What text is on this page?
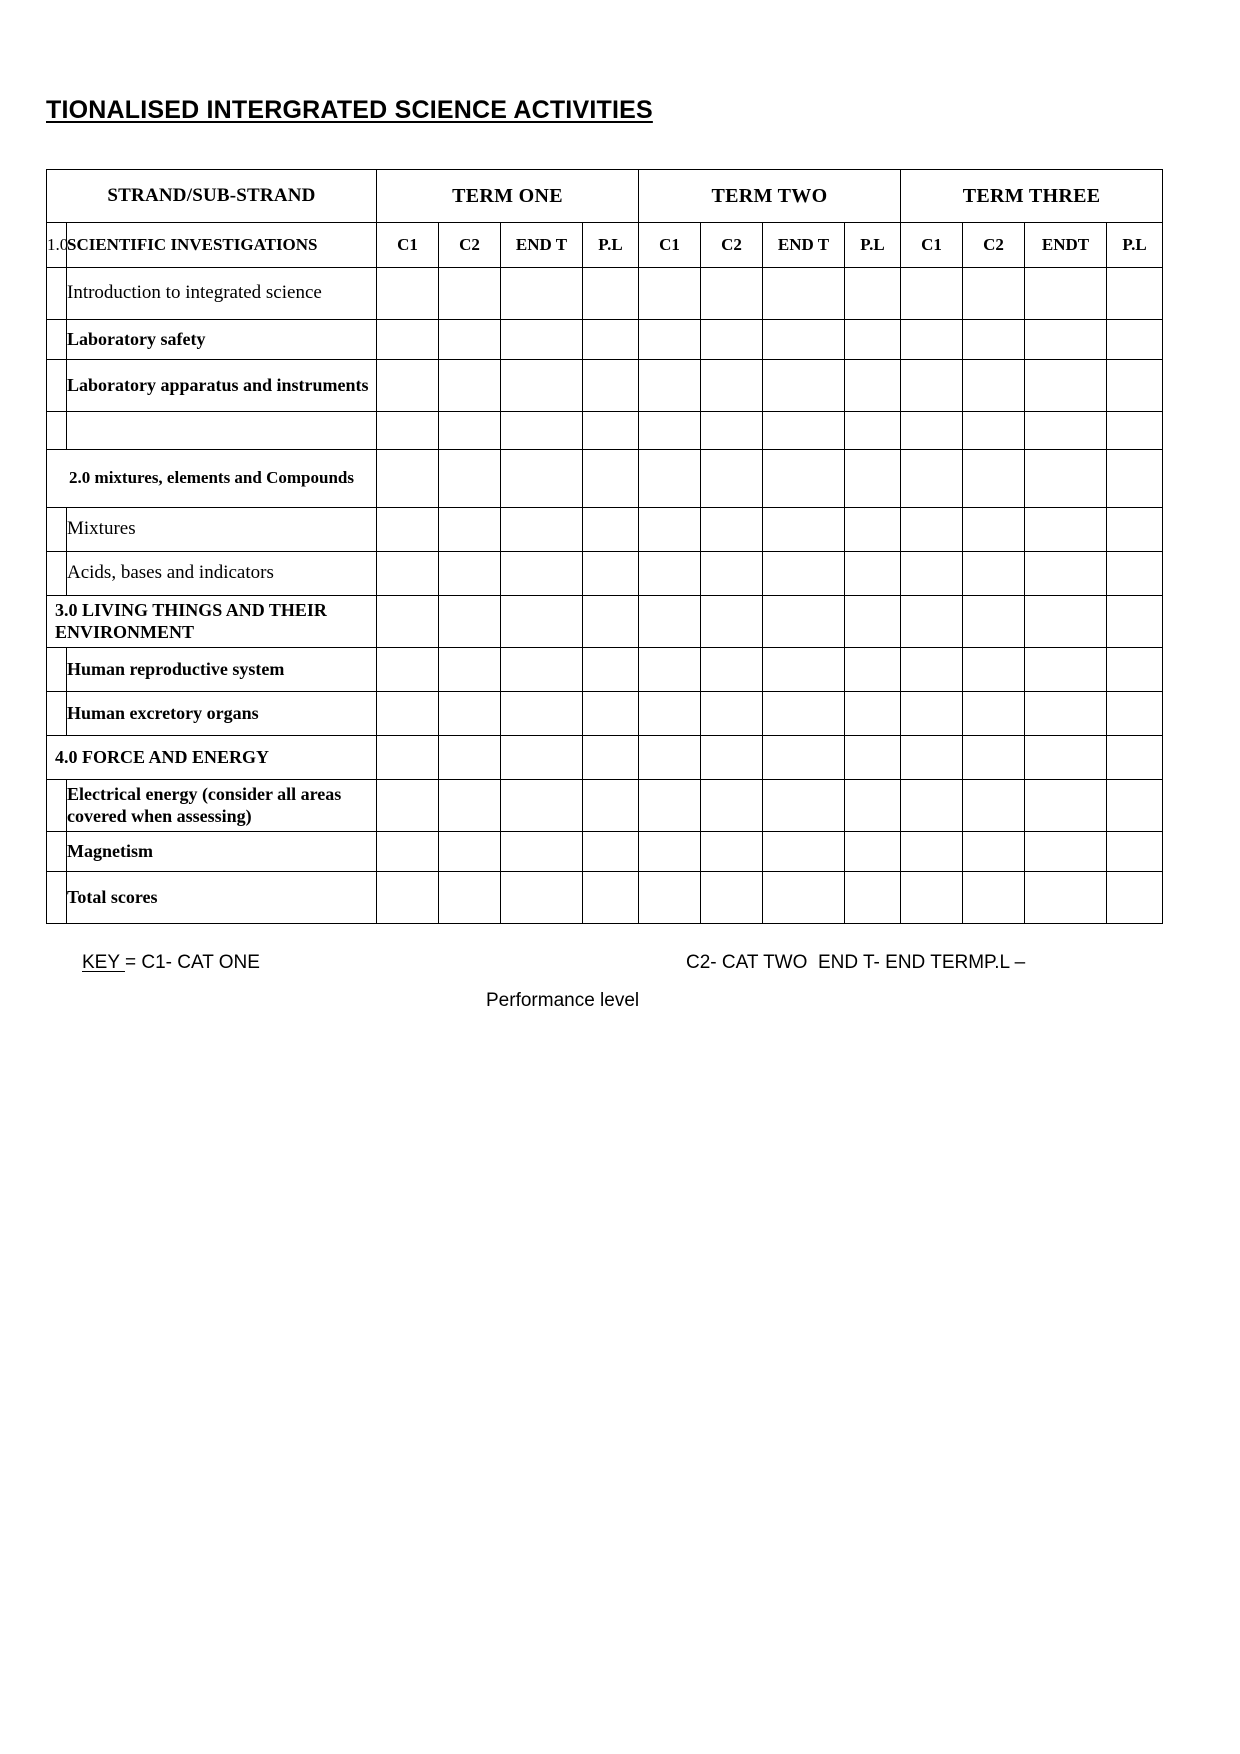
TIONALISED INTERGRATED SCIENCE ACTIVITIES
STRAND/SUB-STRAND		TERM ONE				TERM TWO				TERM THREE			
1.0	SCIENTIFIC INVESTIGATIONS	C1	C2	END T	P.L	C1	C2	END T	P.L	C1	C2	ENDT	P.L
	Introduction to integrated science												
	Laboratory safety												
	Laboratory apparatus and instruments												

2.0 mixtures, elements and Compounds													
	Mixtures												
	Acids, bases and indicators												
3.0 LIVING THINGS AND THEIR ENVIRONMENT													
	Human reproductive system												
	Human excretory organs												
4.0 FORCE AND ENERGY													
	Electrical energy (consider all areas covered when assessing)												
	Magnetism												
	Total scores												
KEY = C1- CAT ONE	C2- CAT TWO  END T- END TERMP.L –
Performance level
